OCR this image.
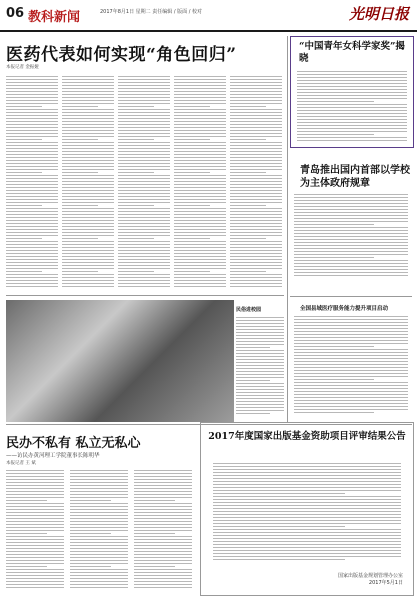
06 教科新闻	2017年8月1日 星期二 责任编辑 / 版面 / 校对	光明日报
医药代表如何实现“角色回归”
本报记者 金振娅
民俗进校园
“中国青年女科学家奖”揭晓
青岛推出国内首部以学校为主体政府规章
全国县域医疗服务能力提升项目启动
民办不私有 私立无私心
——访民办黄河理工学院董事长陈明华
本报记者 王 斌
2017年度国家出版基金资助项目评审结果公告
国家出版基金规划管理办公室
2017年5月1日
